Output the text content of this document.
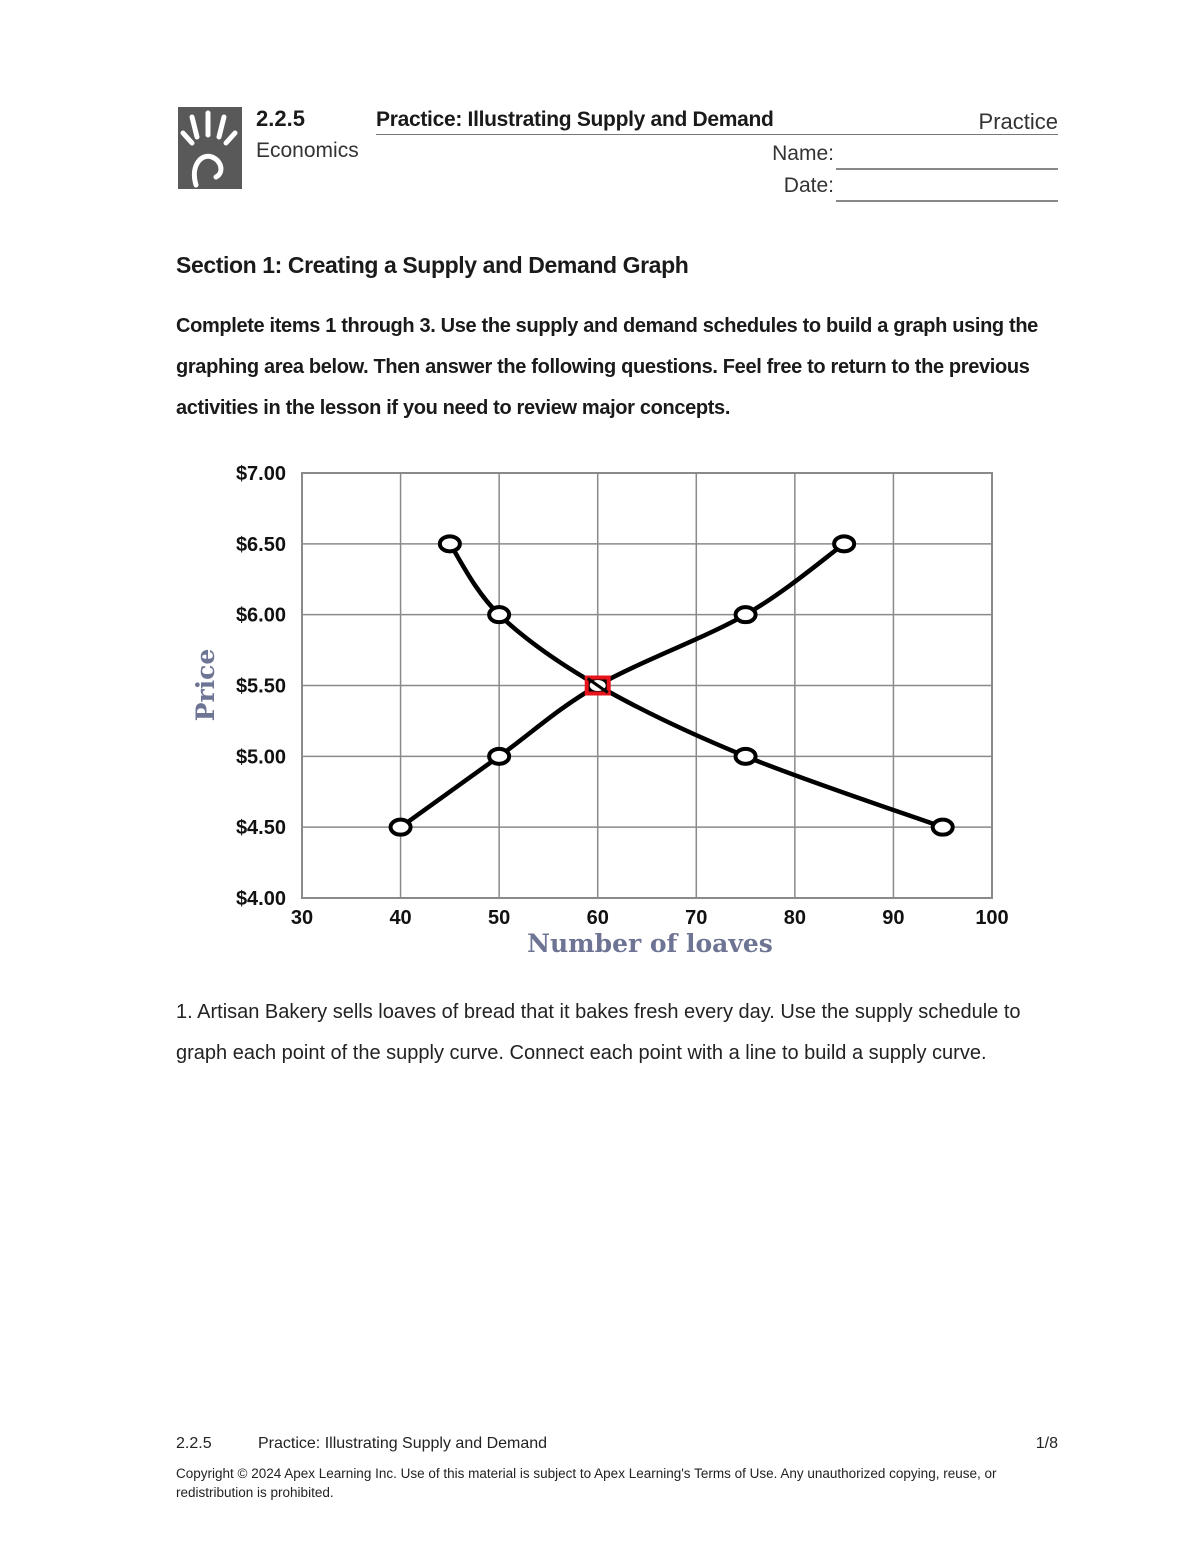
2.2.5	Practice: Illustrating Supply and Demand	Practice
Economics	Name:
Date:
Section 1: Creating a Supply and Demand Graph
Complete items 1 through 3. Use the supply and demand schedules to build a graph using the graphing area below. Then answer the following questions. Feel free to return to the previous activities in the lesson if you need to review major concepts.
30	40	50	60	70	80	90	100
$4.00
$4.50
$5.00
$5.50
$6.00
$6.50
$7.00
Number of loaves
Price
1. Artisan Bakery sells loaves of bread that it bakes fresh every day. Use the supply schedule to graph each point of the supply curve. Connect each point with a line to build a supply curve.
2.2.5	Practice: Illustrating Supply and Demand	1/8
Copyright © 2024 Apex Learning Inc. Use of this material is subject to Apex Learning's Terms of Use. Any unauthorized copying, reuse, or redistribution is prohibited.
